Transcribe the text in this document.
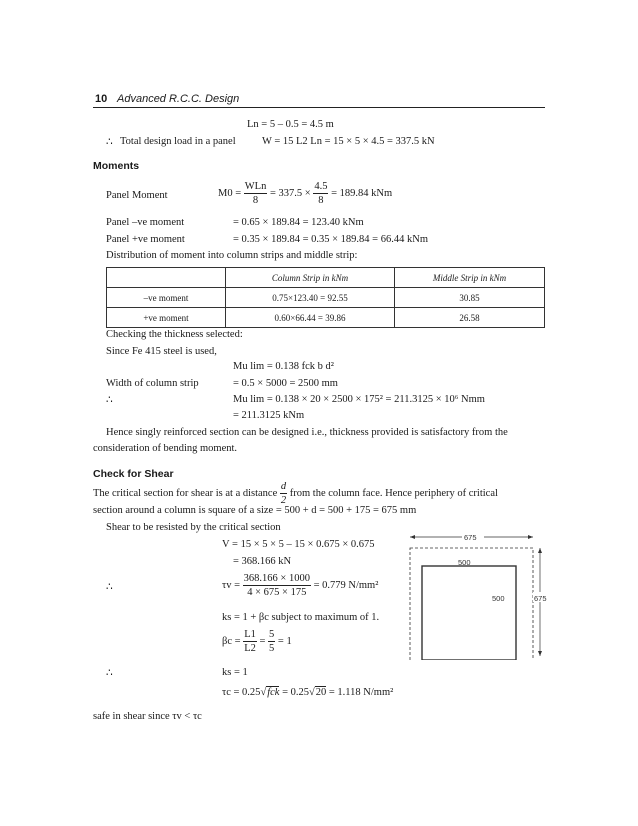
10 Advanced R.C.C. Design
Ln = 5 – 0.5 = 4.5 m
∴ Total design load in a panel	W = 15 L2 Ln = 15 × 5 × 4.5 = 337.5 kN
Moments
Panel Moment	$M0 = \frac{\text{WLn}}{8} = 337.5 \times \frac{4.5}{8} = 189.84$ kNm
Panel –ve moment	= 0.65 × 189.84 = 123.40 kNm
Panel +ve moment	= 0.35 × 189.84 = 0.35 × 189.84 = 66.44 kNm
Distribution of moment into column strips and middle strip:
	Column Strip in kNm	Middle Strip in kNm
–ve moment	0.75×123.40 = 92.55	30.85
+ve moment	0.60×66.44 = 39.86	26.58
Checking the thickness selected:
Since Fe 415 steel is used,
Mu lim = 0.138 fck b d²
Width of column strip	= 0.5 × 5000 = 2500 mm
∴	Mu lim = 0.138 × 20 × 2500 × 175² = 211.3125 × 10⁶ Nmm
= 211.3125 kNm
Hence singly reinforced section can be designed i.e., thickness provided is satisfactory from the
consideration of bending moment.
Check for Shear
The critical section for shear is at a distance $\frac{d}{2}$ from the column face. Hence periphery of critical
section around a column is square of a size = 500 + d = 500 + 175 = 675 mm
Shear to be resisted by the critical section
V = 15 × 5 × 5 – 15 × 0.675 × 0.675
= 368.166 kN
∴	$\tau v = \frac{368.166 \times 1000}{4 \times 675 \times 175} = 0.779$ N/mm²
ks = 1 + βc subject to maximum of 1.
$\beta c = \frac{L1}{L2} = \frac{5}{5} = 1$
∴	ks = 1
τc = 0.25√fck = 0.25√20 = 1.118 N/mm²
safe in shear since τv < τc
675
500
500	675
